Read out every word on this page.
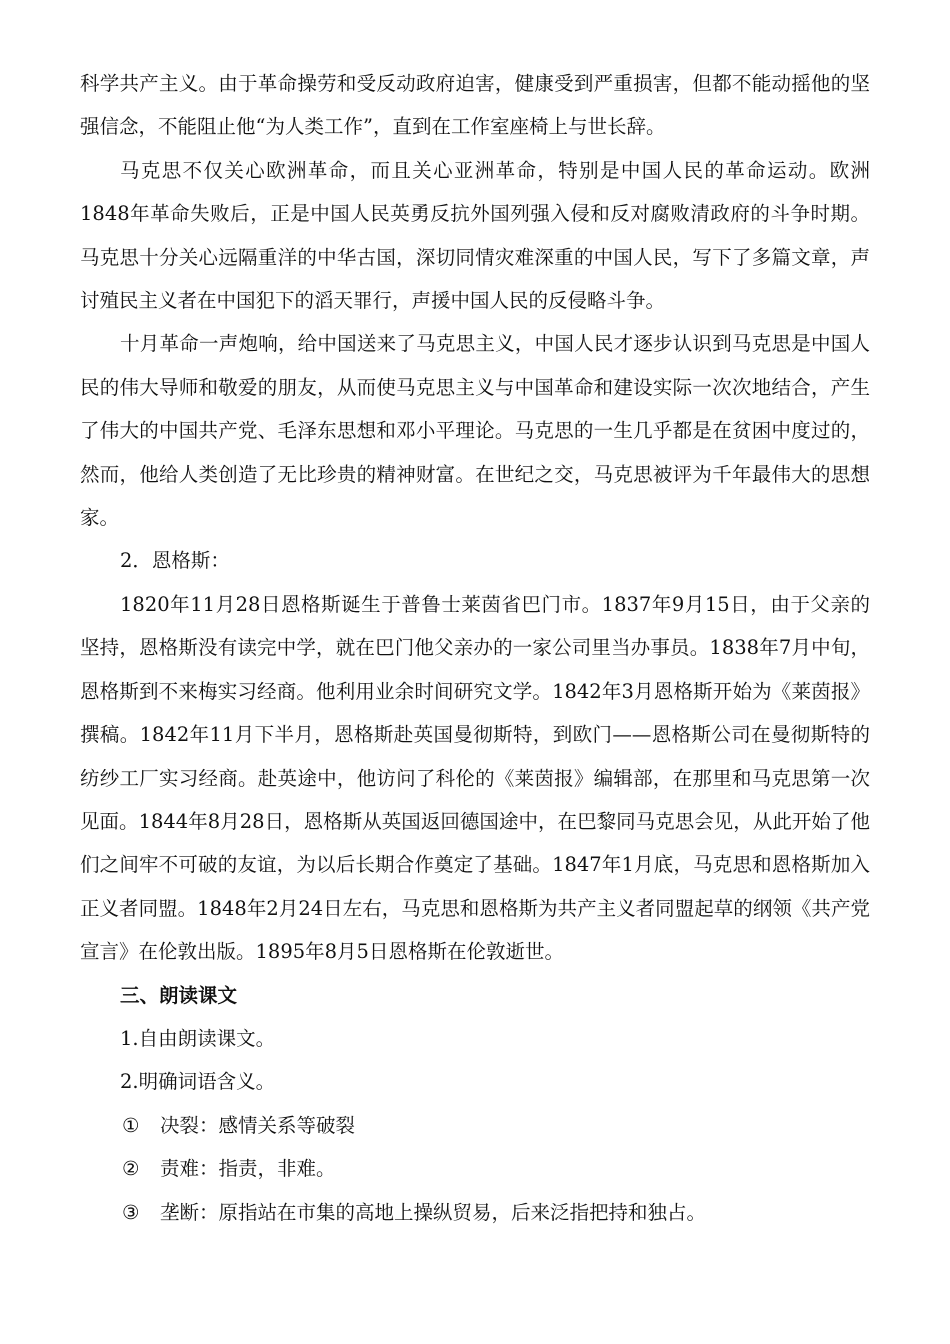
科学共产主义。由于革命操劳和受反动政府迫害，健康受到严重损害，但都不能动摇他的坚强信念，不能阻止他“为人类工作”，直到在工作室座椅上与世长辞。

马克思不仅关心欧洲革命，而且关心亚洲革命，特别是中国人民的革命运动。欧洲1848年革命失败后，正是中国人民英勇反抗外国列强入侵和反对腐败清政府的斗争时期。马克思十分关心远隔重洋的中华古国，深切同情灾难深重的中国人民，写下了多篇文章，声讨殖民主义者在中国犯下的滔天罪行，声援中国人民的反侵略斗争。

十月革命一声炮响，给中国送来了马克思主义，中国人民才逐步认识到马克思是中国人民的伟大导师和敬爱的朋友，从而使马克思主义与中国革命和建设实际一次次地结合，产生了伟大的中国共产党、毛泽东思想和邓小平理论。马克思的一生几乎都是在贫困中度过的，然而，他给人类创造了无比珍贵的精神财富。在世纪之交，马克思被评为千年最伟大的思想家。

2．恩格斯：

1820年11月28日恩格斯诞生于普鲁士莱茵省巴门市。1837年9月15日，由于父亲的坚持，恩格斯没有读完中学，就在巴门他父亲办的一家公司里当办事员。1838年7月中旬，恩格斯到不来梅实习经商。他利用业余时间研究文学。1842年3月恩格斯开始为《莱茵报》撰稿。1842年11月下半月，恩格斯赴英国曼彻斯特，到欧门——恩格斯公司在曼彻斯特的纺纱工厂实习经商。赴英途中，他访问了科伦的《莱茵报》编辑部，在那里和马克思第一次见面。1844年8月28日，恩格斯从英国返回德国途中，在巴黎同马克思会见，从此开始了他们之间牢不可破的友谊，为以后长期合作奠定了基础。1847年1月底，马克思和恩格斯加入正义者同盟。1848年2月24日左右，马克思和恩格斯为共产主义者同盟起草的纲领《共产党宣言》在伦敦出版。1895年8月5日恩格斯在伦敦逝世。

三、朗读课文

1.自由朗读课文。

2.明确词语含义。

①	决裂：感情关系等破裂
②	责难：指责，非难。
③	垄断：原指站在市集的高地上操纵贸易，后来泛指把持和独占。
